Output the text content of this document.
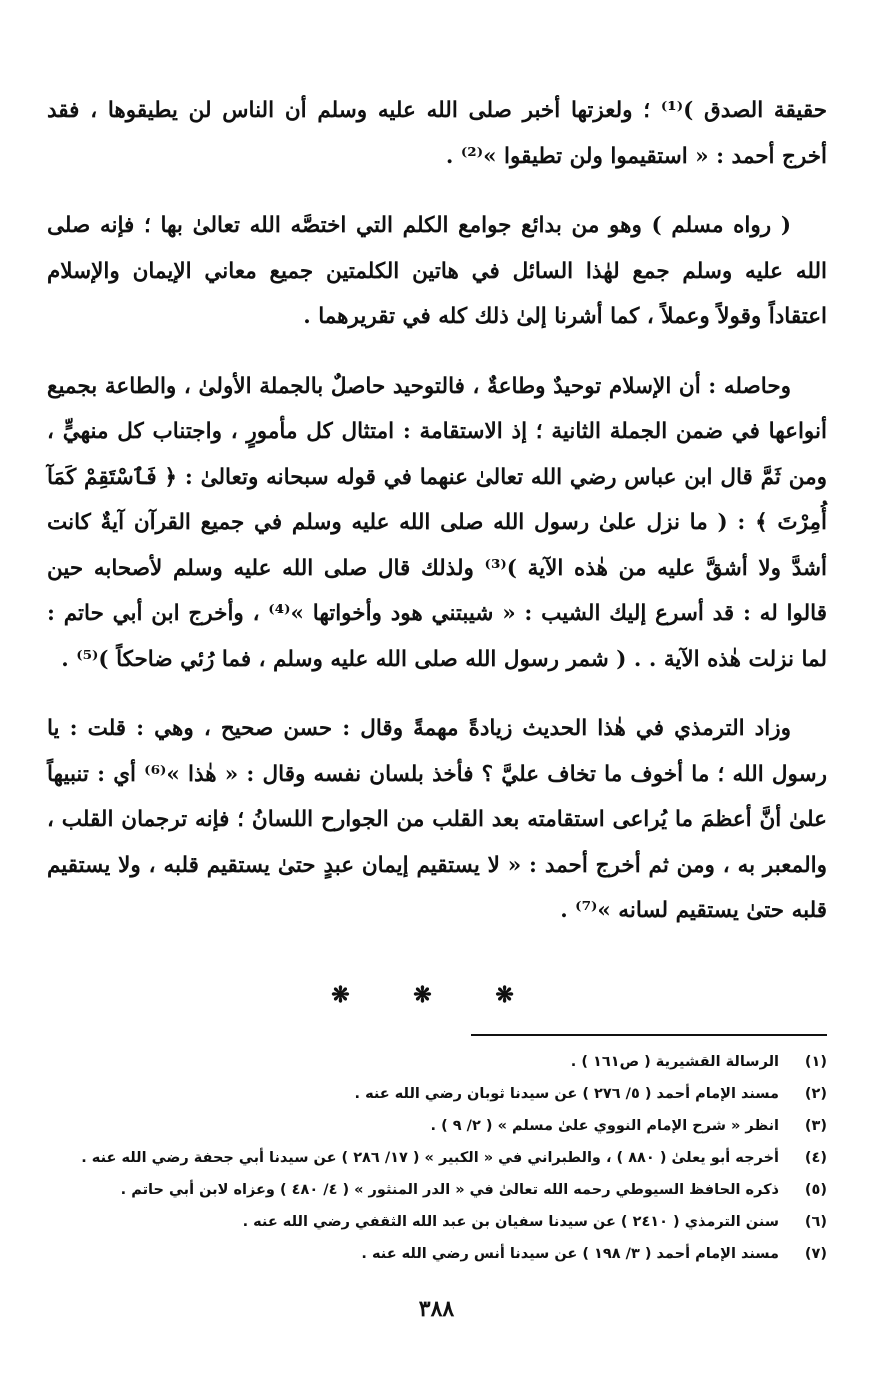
حقيقة الصدق )⁽¹⁾ ؛ ولعزتها أخبر صلى الله عليه وسلم أن الناس لن يطيقوها ، فقد أخرج أحمد : « استقيموا ولن تطيقوا »⁽²⁾ .

( رواه مسلم ) وهو من بدائع جوامع الكلم التي اختصَّه الله تعالىٰ بها ؛ فإنه صلى الله عليه وسلم جمع لهٰذا السائل في هاتين الكلمتين جميع معاني الإيمان والإسلام اعتقاداً وقولاً وعملاً ، كما أشرنا إلىٰ ذلك كله في تقريرهما .

وحاصله : أن الإسلام توحيدٌ وطاعةٌ ، فالتوحيد حاصلٌ بالجملة الأولىٰ ، والطاعة بجميع أنواعها في ضمن الجملة الثانية ؛ إذ الاستقامة : امتثال كل مأمورٍ ، واجتناب كل منهيٍّ ، ومن ثَمَّ قال ابن عباس رضي الله تعالىٰ عنهما في قوله سبحانه وتعالىٰ : ﴿ فَٱسْتَقِمْ كَمَآ أُمِرْتَ ﴾ : ( ما نزل علىٰ رسول الله صلى الله عليه وسلم في جميع القرآن آيةٌ كانت أشدَّ ولا أشقَّ عليه من هٰذه الآية )⁽³⁾ ولذلك قال صلى الله عليه وسلم لأصحابه حين قالوا له : قد أسرع إليك الشيب : « شيبتني هود وأخواتها »⁽⁴⁾ ، وأخرج ابن أبي حاتم : لما نزلت هٰذه الآية . . ( شمر رسول الله صلى الله عليه وسلم ، فما رُئي ضاحكاً )⁽⁵⁾ .

وزاد الترمذي في هٰذا الحديث زيادةً مهمةً وقال : حسن صحيح ، وهي : قلت : يا رسول الله ؛ ما أخوف ما تخاف عليَّ ؟ فأخذ بلسان نفسه وقال : « هٰذا »⁽⁶⁾ أي : تنبيهاً علىٰ أنَّ أعظمَ ما يُراعى استقامته بعد القلب من الجوارح اللسانُ ؛ فإنه ترجمان القلب ، والمعبر به ، ومن ثم أخرج أحمد : « لا يستقيم إيمان عبدٍ حتىٰ يستقيم قلبه ، ولا يستقيم قلبه حتىٰ يستقيم لسانه »⁽⁷⁾ .

❋ ❋ ❋
(١)
الرسالة القشيرية ( ص١٦١ ) .
(٢)
مسند الإمام أحمد ( ٥/ ٢٧٦ ) عن سيدنا ثوبان رضي الله عنه .
(٣)
انظر « شرح الإمام النووي علىٰ مسلم » ( ٢/ ٩ ) .
(٤)
أخرجه أبو يعلىٰ ( ٨٨٠ ) ، والطبراني في « الكبير » ( ١٧/ ٢٨٦ ) عن سيدنا أبي جحفة رضي الله عنه .
(٥)
ذكره الحافظ السيوطي رحمه الله تعالىٰ في « الدر المنثور » ( ٤/ ٤٨٠ ) وعزاه لابن أبي حاتم .
(٦)
سنن الترمذي ( ٢٤١٠ ) عن سيدنا سفيان بن عبد الله الثقفي رضي الله عنه .
(٧)
مسند الإمام أحمد ( ٣/ ١٩٨ ) عن سيدنا أنس رضي الله عنه .
٣٨٨
